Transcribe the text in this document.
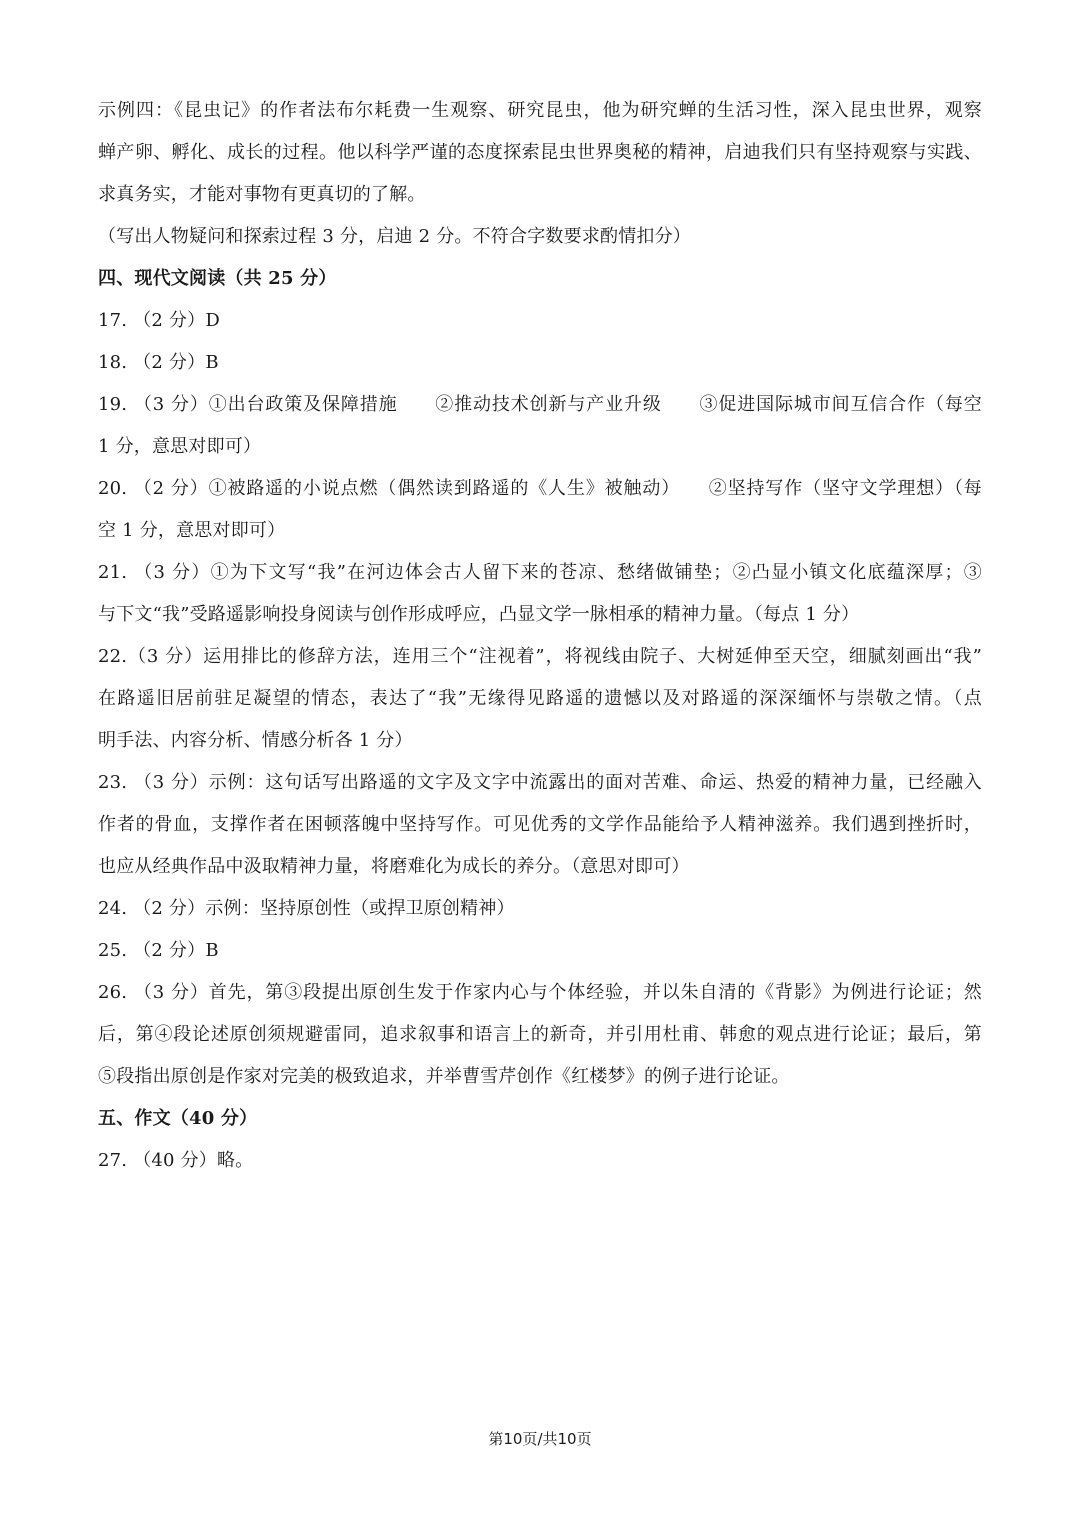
示例四：《昆虫记》的作者法布尔耗费一生观察、研究昆虫，他为研究蝉的生活习性，深入昆虫世界，观察
蝉产卵、孵化、成长的过程。他以科学严谨的态度探索昆虫世界奥秘的精神，启迪我们只有坚持观察与实践、
求真务实，才能对事物有更真切的了解。
（写出人物疑问和探索过程 3 分，启迪 2 分。不符合字数要求酌情扣分）
四、现代文阅读（共 25 分）
17. （2 分）D
18. （2 分）B
19. （3 分）①出台政策及保障措施　　②推动技术创新与产业升级　　③促进国际城市间互信合作（每空
1 分，意思对即可）
20. （2 分）①被路遥的小说点燃（偶然读到路遥的《人生》被触动）　　②坚持写作（坚守文学理想）（每
空 1 分，意思对即可）
21. （3 分）①为下文写“我”在河边体会古人留下来的苍凉、愁绪做铺垫；②凸显小镇文化底蕴深厚；③
与下文“我”受路遥影响投身阅读与创作形成呼应，凸显文学一脉相承的精神力量。（每点 1 分）
22.（3 分）运用排比的修辞方法，连用三个“注视着”，将视线由院子、大树延伸至天空，细腻刻画出“我”
在路遥旧居前驻足凝望的情态，表达了“我”无缘得见路遥的遗憾以及对路遥的深深缅怀与崇敬之情。（点
明手法、内容分析、情感分析各 1 分）
23. （3 分）示例：这句话写出路遥的文字及文字中流露出的面对苦难、命运、热爱的精神力量，已经融入
作者的骨血，支撑作者在困顿落魄中坚持写作。可见优秀的文学作品能给予人精神滋养。我们遇到挫折时，
也应从经典作品中汲取精神力量，将磨难化为成长的养分。（意思对即可）
24. （2 分）示例：坚持原创性（或捍卫原创精神）
25. （2 分）B
26. （3 分）首先，第③段提出原创生发于作家内心与个体经验，并以朱自清的《背影》为例进行论证；然
后，第④段论述原创须规避雷同，追求叙事和语言上的新奇，并引用杜甫、韩愈的观点进行论证；最后，第
⑤段指出原创是作家对完美的极致追求，并举曹雪芹创作《红楼梦》的例子进行论证。
五、作文（40 分）
27. （40 分）略。
第10页/共10页
